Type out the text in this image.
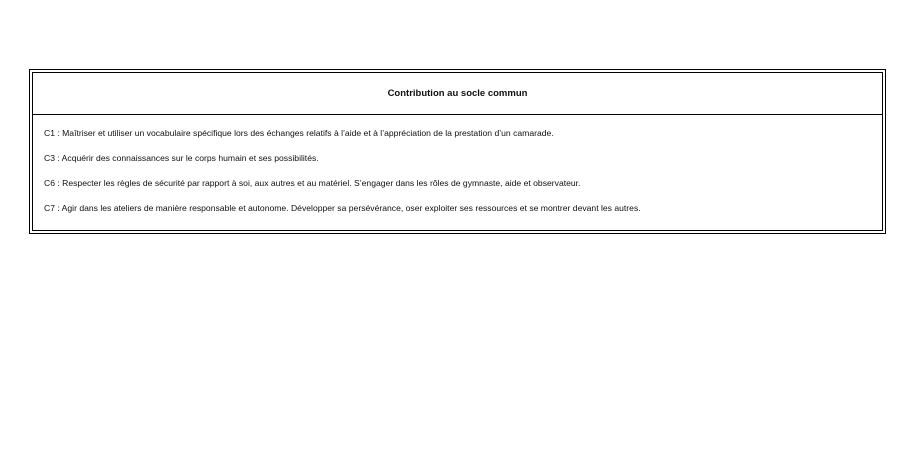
Contribution au socle commun

C1 : Maîtriser et utiliser un vocabulaire spécifique lors des échanges relatifs à l’aide et à l’appréciation de la prestation d’un camarade.

C3 : Acquérir des connaissances sur le corps humain et ses possibilités.

C6 : Respecter les règles de sécurité par rapport à soi, aux autres et au matériel. S’engager dans les rôles de gymnaste, aide et observateur.

C7 : Agir dans les ateliers de manière responsable et autonome. Développer sa persévérance, oser exploiter ses ressources et se montrer devant les autres.
